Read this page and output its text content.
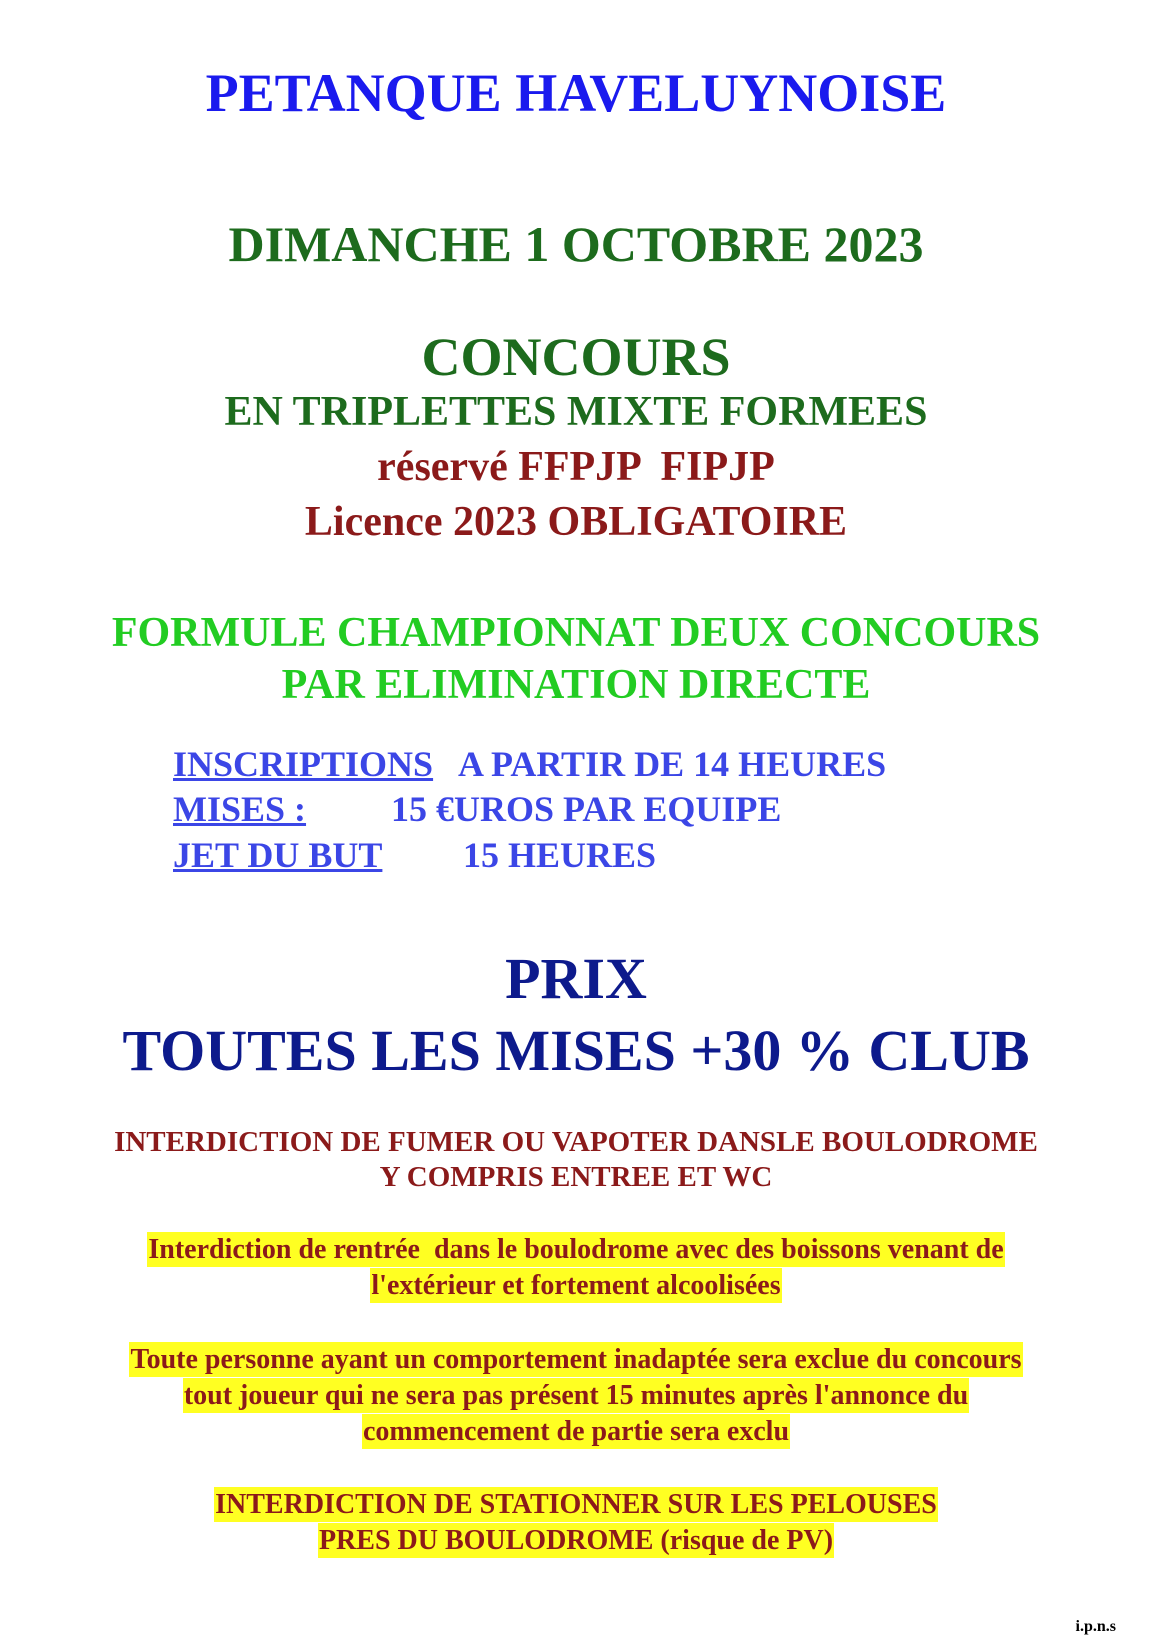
PETANQUE HAVELUYNOISE
DIMANCHE 1 OCTOBRE 2023
CONCOURS
EN TRIPLETTES MIXTE FORMEES
réservé FFPJP  FIPJP
Licence 2023 OBLIGATOIRE
FORMULE CHAMPIONNAT DEUX CONCOURS
PAR ELIMINATION DIRECTE
INSCRIPTIONS A PARTIR DE 14 HEURES
MISES : 15 €UROS PAR EQUIPE
JET DU BUT 15 HEURES
PRIX
TOUTES LES MISES +30 % CLUB
INTERDICTION DE FUMER OU VAPOTER DANSLE BOULODROME
Y COMPRIS ENTREE ET WC
Interdiction de rentrée  dans le boulodrome avec des boissons venant de
l'extérieur et fortement alcoolisées
Toute personne ayant un comportement inadaptée sera exclue du concours
tout joueur qui ne sera pas présent 15 minutes après l'annonce du
commencement de partie sera exclu
INTERDICTION DE STATIONNER SUR LES PELOUSES
PRES DU BOULODROME (risque de PV)
i.p.n.s
